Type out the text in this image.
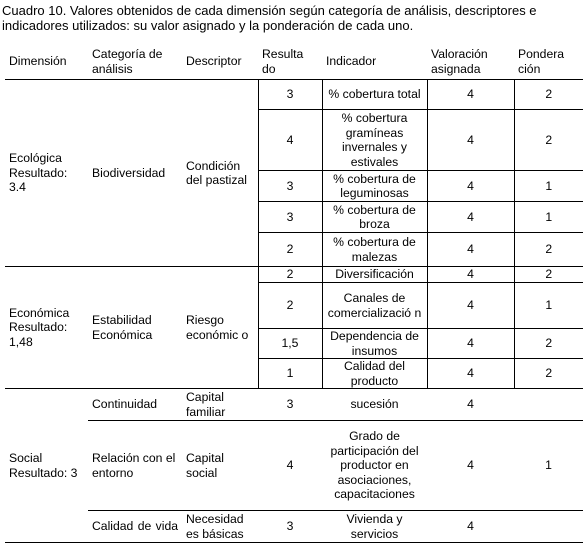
Cuadro 10. Valores obtenidos de cada dimensión según categoría de análisis, descriptores e indicadores utilizados: su valor asignado y la ponderación de cada uno.
Dimensión	Categoría de análisis	Descriptor	Resulta do	Indicador	Valoración asignada	Pondera ción
Ecológica Resultado: 3.4	Biodiversidad	Condición del pastizal	3	% cobertura total	4	2
			4	% cobertura gramíneas invernales y estivales	4	2
			3	% cobertura de leguminosas	4	1
			3	% cobertura de broza	4	1
			2	% cobertura de malezas	4	2
Económica Resultado: 1,48	Estabilidad Económica	Riesgo económic o	2	Diversificación	4	2
			2	Canales de comercializació n	4	1
			1,5	Dependencia de insumos	4	2
			1	Calidad del producto	4	2
Social Resultado: 3	Continuidad	Capital familiar	3	sucesión	4	
	Relación con el entorno	Capital social	4	Grado de participación del productor en asociaciones, capacitaciones	4	1
	Calidad de vida	Necesidad es básicas	3	Vivienda y servicios	4	
